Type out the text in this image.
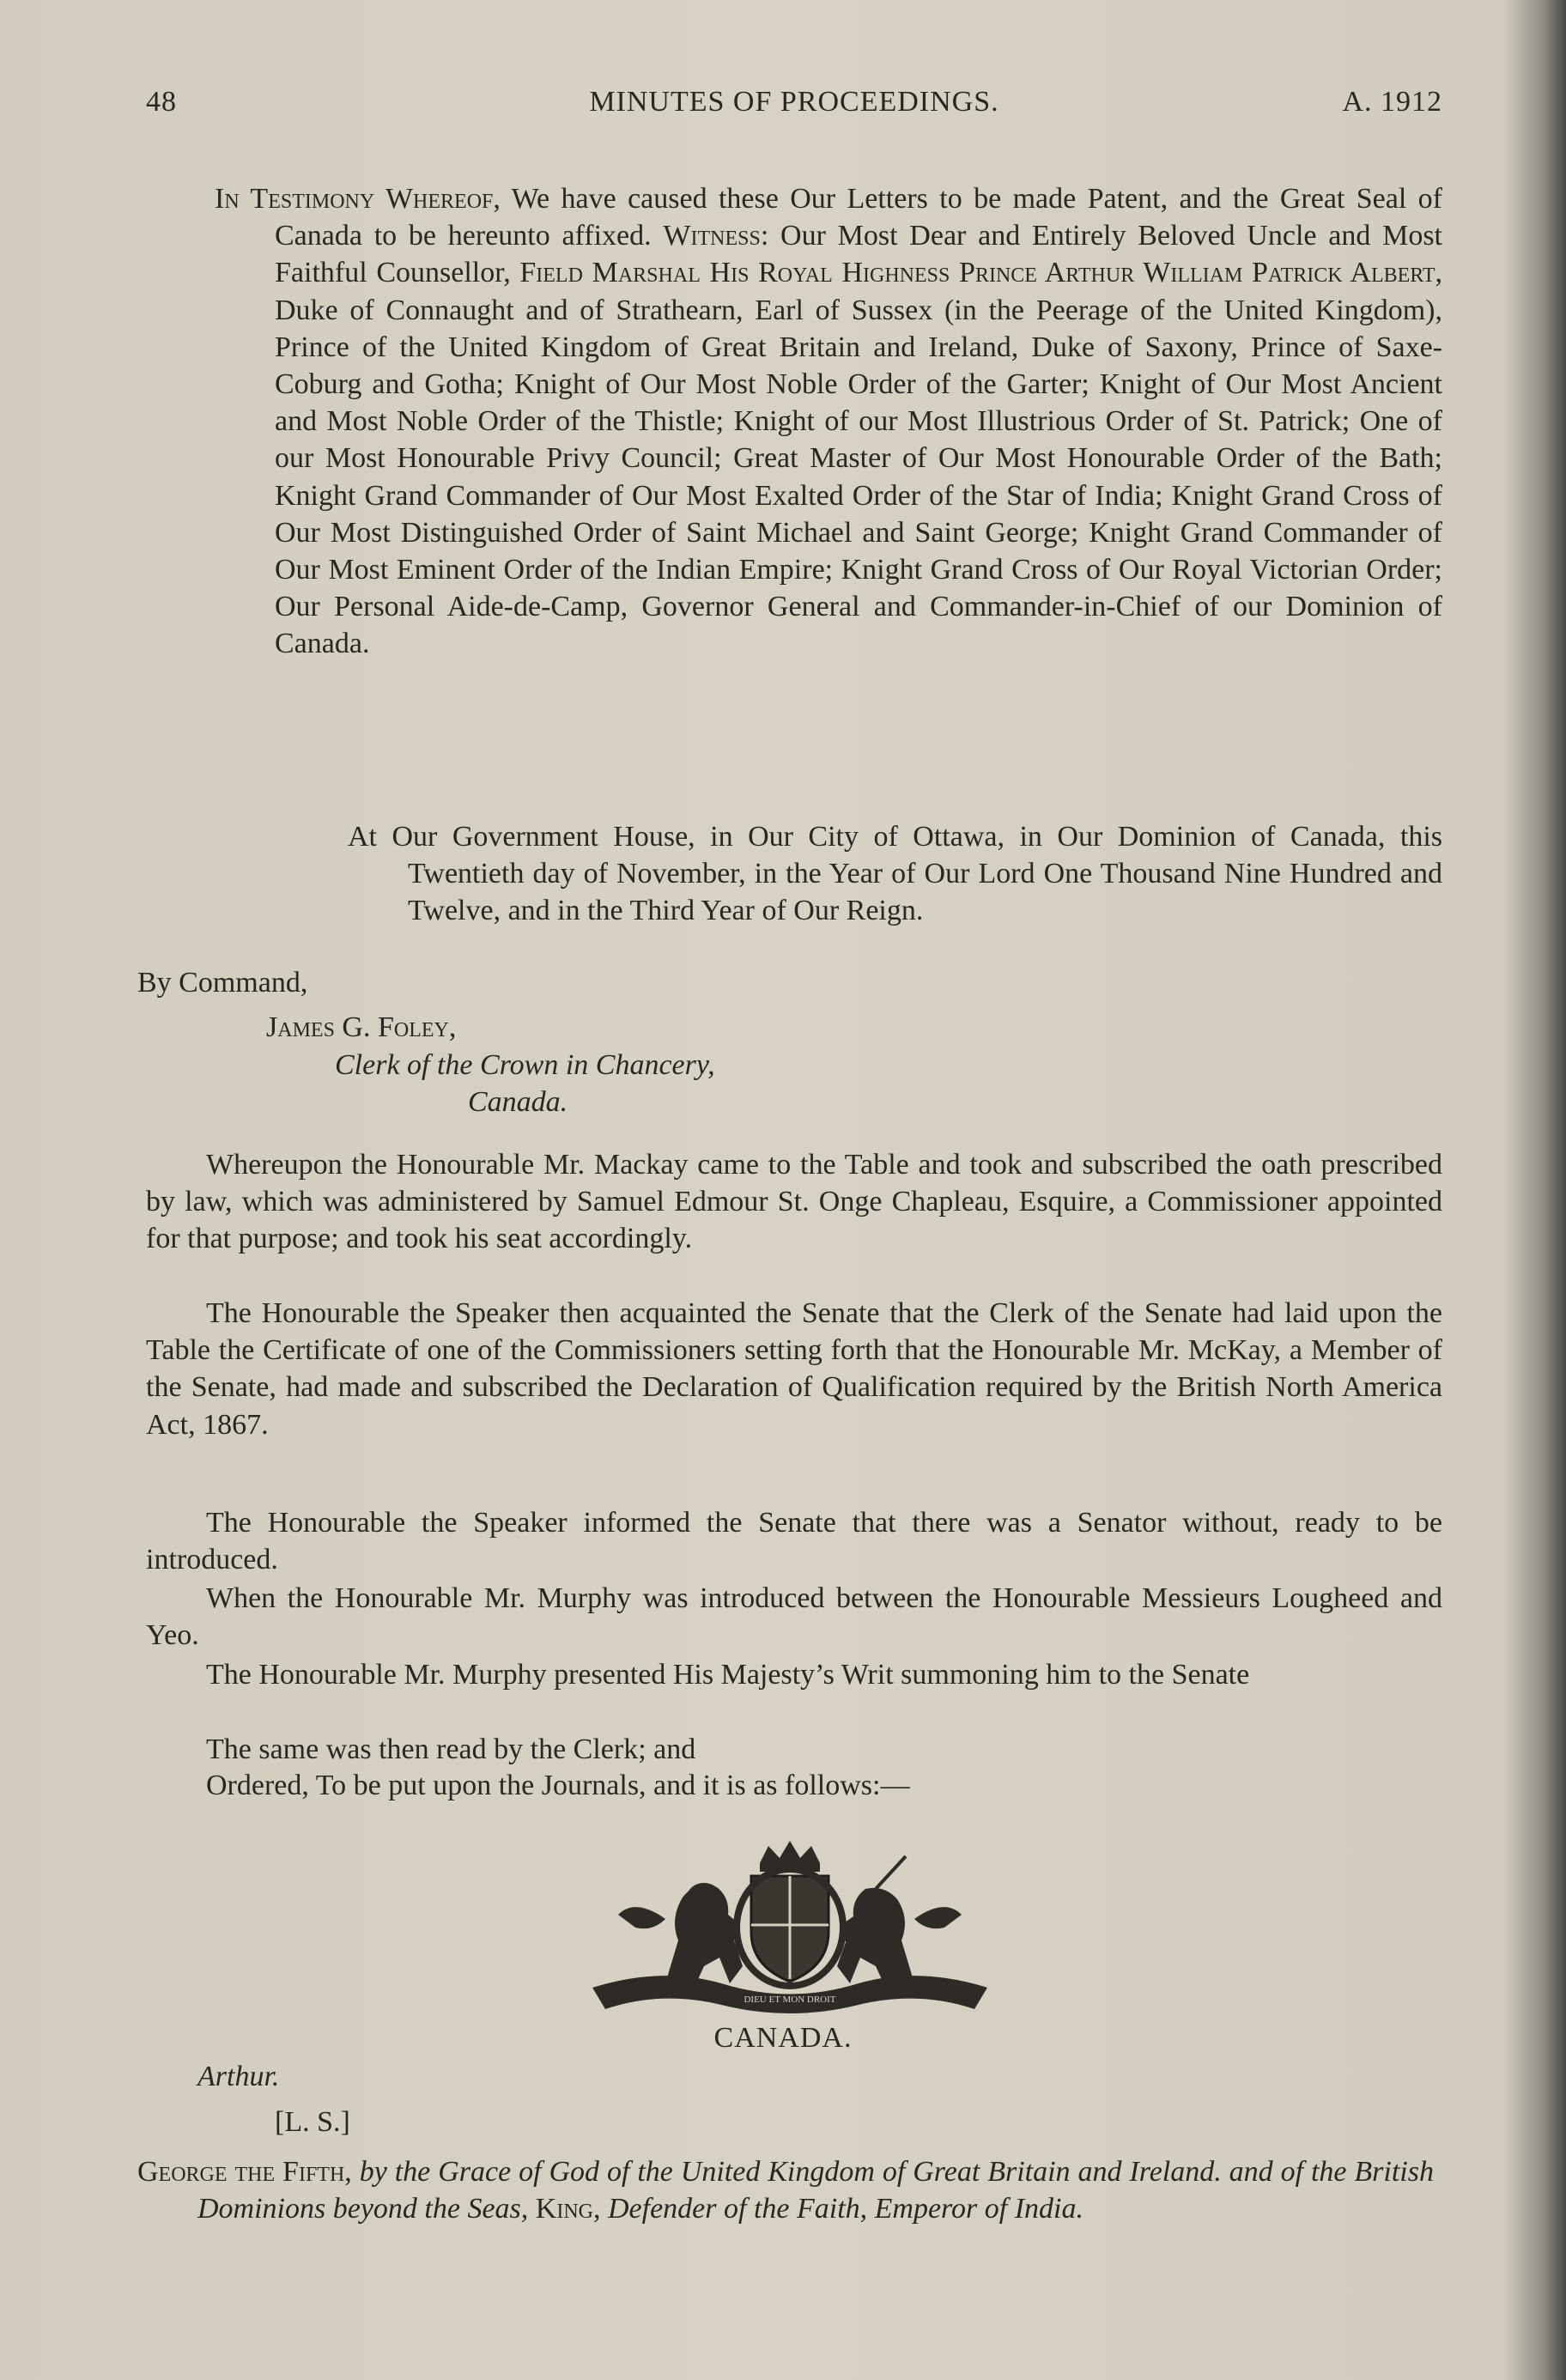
48	MINUTES OF PROCEEDINGS.	A. 1912
In Testimony Whereof, We have caused these Our Letters to be made Patent, and the Great Seal of Canada to be hereunto affixed. Witness: Our Most Dear and Entirely Beloved Uncle and Most Faithful Counsellor, Field Marshal His Royal Highness Prince Arthur William Patrick Albert, Duke of Connaught and of Strathearn, Earl of Sussex (in the Peerage of the United Kingdom), Prince of the United Kingdom of Great Britain and Ireland, Duke of Saxony, Prince of Saxe-Coburg and Gotha; Knight of Our Most Noble Order of the Garter; Knight of Our Most Ancient and Most Noble Order of the Thistle; Knight of our Most Illustrious Order of St. Patrick; One of our Most Honourable Privy Council; Great Master of Our Most Honourable Order of the Bath; Knight Grand Commander of Our Most Exalted Order of the Star of India; Knight Grand Cross of Our Most Distinguished Order of Saint Michael and Saint George; Knight Grand Commander of Our Most Eminent Order of the Indian Empire; Knight Grand Cross of Our Royal Victorian Order; Our Personal Aide-de-Camp, Governor General and Commander-in-Chief of our Dominion of Canada.
At Our Government House, in Our City of Ottawa, in Our Dominion of Canada, this Twentieth day of November, in the Year of Our Lord One Thousand Nine Hundred and Twelve, and in the Third Year of Our Reign.
By Command,
James G. Foley,
Clerk of the Crown in Chancery,
Canada.
Whereupon the Honourable Mr. Mackay came to the Table and took and subscribed the oath prescribed by law, which was administered by Samuel Edmour St. Onge Chapleau, Esquire, a Commissioner appointed for that purpose; and took his seat accordingly.
The Honourable the Speaker then acquainted the Senate that the Clerk of the Senate had laid upon the Table the Certificate of one of the Commissioners setting forth that the Honourable Mr. McKay, a Member of the Senate, had made and subscribed the Declaration of Qualification required by the British North America Act, 1867.
The Honourable the Speaker informed the Senate that there was a Senator without, ready to be introduced.
When the Honourable Mr. Murphy was introduced between the Honourable Messieurs Lougheed and Yeo.
The Honourable Mr. Murphy presented His Majesty’s Writ summoning him to the Senate
The same was then read by the Clerk; and
Ordered, To be put upon the Journals, and it is as follows:—
DIEU ET MON DROIT
CANADA.
Arthur.
[L. S.]
George the Fifth, by the Grace of God of the United Kingdom of Great Britain and Ireland. and of the British Dominions beyond the Seas, King, Defender of the Faith, Emperor of India.
